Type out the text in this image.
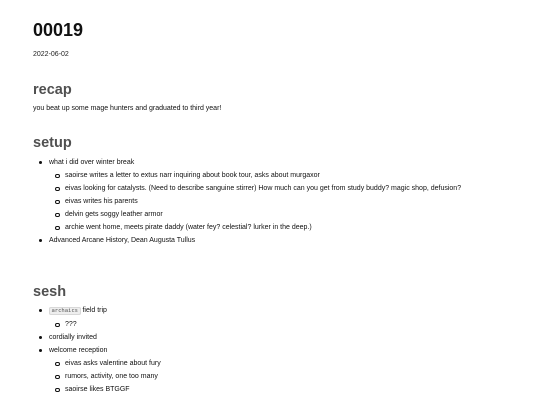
00019
2022-06-02
recap
you beat up some mage hunters and graduated to third year!
setup
what i did over winter break
saoirse writes a letter to extus narr inquiring about book tour, asks about murgaxor
eivas looking for catalysts. (Need to describe sanguine stirrer) How much can you get from study buddy? magic shop, defusion?
eivas writes his parents
delvin gets soggy leather armor
archie went home, meets pirate daddy (water fey? celestial? lurker in the deep.)
Advanced Arcane History, Dean Augusta Tullus
sesh
archaics field trip
???
cordially invited
welcome reception
eivas asks valentine about fury
rumors, activity, one too many
saoirse likes BTGGF
